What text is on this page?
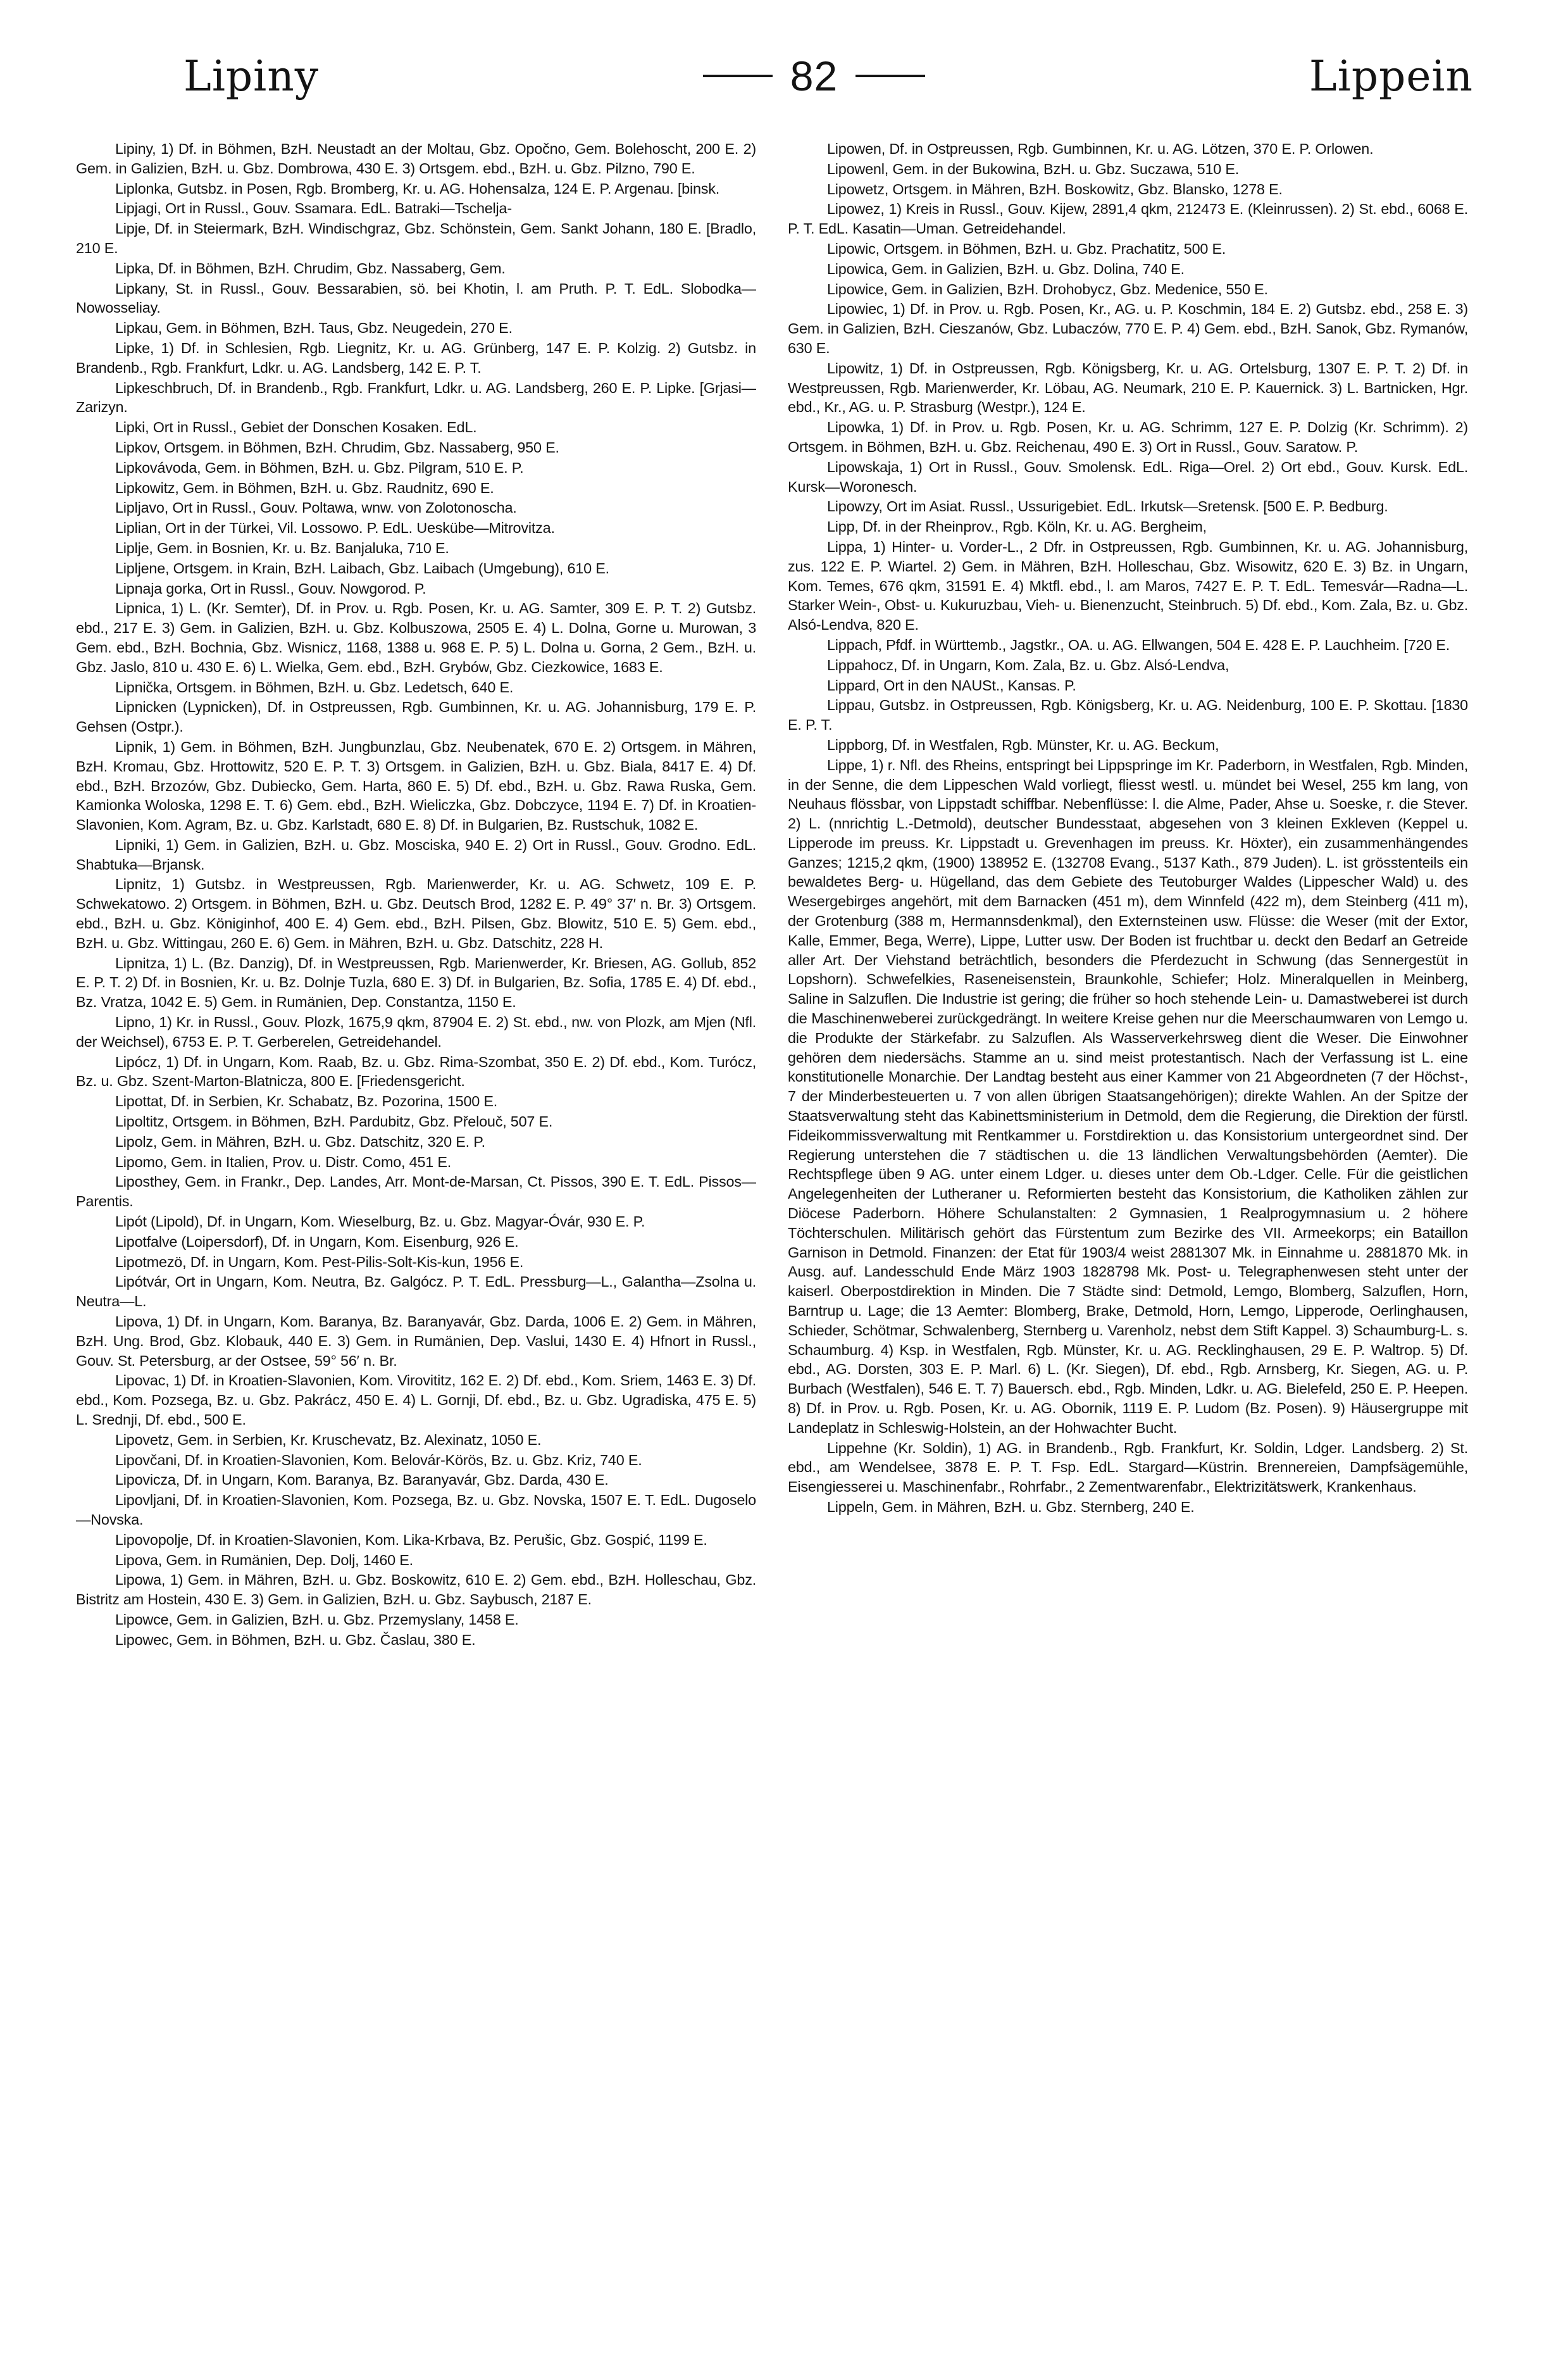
Lipiny	82	Lippein

Lipiny, 1) Df. in Böhmen, BzH. Neustadt an der Moltau, Gbz. Opočno, Gem. Bolehoscht, 200 E. 2) Gem. in Galizien, BzH. u. Gbz. Dombrowa, 430 E. 3) Ortsgem. ebd., BzH. u. Gbz. Pilzno, 790 E.

Liplonka, Gutsbz. in Posen, Rgb. Bromberg, Kr. u. AG. Hohensalza, 124 E. P. Argenau. [binsk.

Lipjagi, Ort in Russl., Gouv. Ssamara. EdL. Batraki—Tschelja-

Lipje, Df. in Steiermark, BzH. Windischgraz, Gbz. Schönstein, Gem. Sankt Johann, 180 E. [Bradlo, 210 E.

Lipka, Df. in Böhmen, BzH. Chrudim, Gbz. Nassaberg, Gem.

Lipkany, St. in Russl., Gouv. Bessarabien, sö. bei Khotin, l. am Pruth. P. T. EdL. Slobodka—Nowosseliay.

Lipkau, Gem. in Böhmen, BzH. Taus, Gbz. Neugedein, 270 E.

Lipke, 1) Df. in Schlesien, Rgb. Liegnitz, Kr. u. AG. Grünberg, 147 E. P. Kolzig. 2) Gutsbz. in Brandenb., Rgb. Frankfurt, Ldkr. u. AG. Landsberg, 142 E. P. T.

Lipkeschbruch, Df. in Brandenb., Rgb. Frankfurt, Ldkr. u. AG. Landsberg, 260 E. P. Lipke. [Grjasi—Zarizyn.

Lipki, Ort in Russl., Gebiet der Donschen Kosaken. EdL.

Lipkov, Ortsgem. in Böhmen, BzH. Chrudim, Gbz. Nassaberg, 950 E.

Lipkovávoda, Gem. in Böhmen, BzH. u. Gbz. Pilgram, 510 E. P.

Lipkowitz, Gem. in Böhmen, BzH. u. Gbz. Raudnitz, 690 E.

Lipljavo, Ort in Russl., Gouv. Poltawa, wnw. von Zolotonoscha.

Liplian, Ort in der Türkei, Vil. Lossowo. P. EdL. Ueskübe—Mitrovitza.

Liplje, Gem. in Bosnien, Kr. u. Bz. Banjaluka, 710 E.

Lipljene, Ortsgem. in Krain, BzH. Laibach, Gbz. Laibach (Umgebung), 610 E.

Lipnaja gorka, Ort in Russl., Gouv. Nowgorod. P.

Lipnica, 1) L. (Kr. Semter), Df. in Prov. u. Rgb. Posen, Kr. u. AG. Samter, 309 E. P. T. 2) Gutsbz. ebd., 217 E. 3) Gem. in Galizien, BzH. u. Gbz. Kolbuszowa, 2505 E. 4) L. Dolna, Gorne u. Murowan, 3 Gem. ebd., BzH. Bochnia, Gbz. Wisnicz, 1168, 1388 u. 968 E. P. 5) L. Dolna u. Gorna, 2 Gem., BzH. u. Gbz. Jaslo, 810 u. 430 E. 6) L. Wielka, Gem. ebd., BzH. Grybów, Gbz. Ciezkowice, 1683 E.

Lipnička, Ortsgem. in Böhmen, BzH. u. Gbz. Ledetsch, 640 E.

Lipnicken (Lypnicken), Df. in Ostpreussen, Rgb. Gumbinnen, Kr. u. AG. Johannisburg, 179 E. P. Gehsen (Ostpr.).

Lipnik, 1) Gem. in Böhmen, BzH. Jungbunzlau, Gbz. Neubenatek, 670 E. 2) Ortsgem. in Mähren, BzH. Kromau, Gbz. Hrottowitz, 520 E. P. T. 3) Ortsgem. in Galizien, BzH. u. Gbz. Biala, 8417 E. 4) Df. ebd., BzH. Brzozów, Gbz. Dubiecko, Gem. Harta, 860 E. 5) Df. ebd., BzH. u. Gbz. Rawa Ruska, Gem. Kamionka Woloska, 1298 E. T. 6) Gem. ebd., BzH. Wieliczka, Gbz. Dobczyce, 1194 E. 7) Df. in Kroatien-Slavonien, Kom. Agram, Bz. u. Gbz. Karlstadt, 680 E. 8) Df. in Bulgarien, Bz. Rustschuk, 1082 E.

Lipniki, 1) Gem. in Galizien, BzH. u. Gbz. Mosciska, 940 E. 2) Ort in Russl., Gouv. Grodno. EdL. Shabtuka—Brjansk.

Lipnitz, 1) Gutsbz. in Westpreussen, Rgb. Marienwerder, Kr. u. AG. Schwetz, 109 E. P. Schwekatowo. 2) Ortsgem. in Böhmen, BzH. u. Gbz. Deutsch Brod, 1282 E. P. 49° 37′ n. Br. 3) Ortsgem. ebd., BzH. u. Gbz. Königinhof, 400 E. 4) Gem. ebd., BzH. Pilsen, Gbz. Blowitz, 510 E. 5) Gem. ebd., BzH. u. Gbz. Wittingau, 260 E. 6) Gem. in Mähren, BzH. u. Gbz. Datschitz, 228 H.

Lipnitza, 1) L. (Bz. Danzig), Df. in Westpreussen, Rgb. Marienwerder, Kr. Briesen, AG. Gollub, 852 E. P. T. 2) Df. in Bosnien, Kr. u. Bz. Dolnje Tuzla, 680 E. 3) Df. in Bulgarien, Bz. Sofia, 1785 E. 4) Df. ebd., Bz. Vratza, 1042 E. 5) Gem. in Rumänien, Dep. Constantza, 1150 E.

Lipno, 1) Kr. in Russl., Gouv. Plozk, 1675,9 qkm, 87904 E. 2) St. ebd., nw. von Plozk, am Mjen (Nfl. der Weichsel), 6753 E. P. T. Gerberelen, Getreidehandel.

Lipócz, 1) Df. in Ungarn, Kom. Raab, Bz. u. Gbz. Rima-Szombat, 350 E. 2) Df. ebd., Kom. Turócz, Bz. u. Gbz. Szent-Marton-Blatnicza, 800 E. [Friedensgericht.

Lipottat, Df. in Serbien, Kr. Schabatz, Bz. Pozorina, 1500 E.

Lipoltitz, Ortsgem. in Böhmen, BzH. Pardubitz, Gbz. Přelouč, 507 E.

Lipolz, Gem. in Mähren, BzH. u. Gbz. Datschitz, 320 E. P.

Lipomo, Gem. in Italien, Prov. u. Distr. Como, 451 E.

Liposthey, Gem. in Frankr., Dep. Landes, Arr. Mont-de-Marsan, Ct. Pissos, 390 E. T. EdL. Pissos—Parentis.

Lipót (Lipold), Df. in Ungarn, Kom. Wieselburg, Bz. u. Gbz. Magyar-Óvár, 930 E. P.

Lipotfalve (Loipersdorf), Df. in Ungarn, Kom. Eisenburg, 926 E.

Lipotmezö, Df. in Ungarn, Kom. Pest-Pilis-Solt-Kis-kun, 1956 E.

Lipótvár, Ort in Ungarn, Kom. Neutra, Bz. Galgócz. P. T. EdL. Pressburg—L., Galantha—Zsolna u. Neutra—L.

Lipova, 1) Df. in Ungarn, Kom. Baranya, Bz. Baranyavár, Gbz. Darda, 1006 E. 2) Gem. in Mähren, BzH. Ung. Brod, Gbz. Klobauk, 440 E. 3) Gem. in Rumänien, Dep. Vaslui, 1430 E. 4) Hfnort in Russl., Gouv. St. Petersburg, ar der Ostsee, 59° 56′ n. Br.

Lipovac, 1) Df. in Kroatien-Slavonien, Kom. Virovititz, 162 E. 2) Df. ebd., Kom. Sriem, 1463 E. 3) Df. ebd., Kom. Pozsega, Bz. u. Gbz. Pakrácz, 450 E. 4) L. Gornji, Df. ebd., Bz. u. Gbz. Ugradiska, 475 E. 5) L. Srednji, Df. ebd., 500 E.

Lipovetz, Gem. in Serbien, Kr. Kruschevatz, Bz. Alexinatz, 1050 E.

Lipovčani, Df. in Kroatien-Slavonien, Kom. Belovár-Körös, Bz. u. Gbz. Kriz, 740 E.

Lipovicza, Df. in Ungarn, Kom. Baranya, Bz. Baranyavár, Gbz. Darda, 430 E.

Lipovljani, Df. in Kroatien-Slavonien, Kom. Pozsega, Bz. u. Gbz. Novska, 1507 E. T. EdL. Dugoselo—Novska.

Lipovopolje, Df. in Kroatien-Slavonien, Kom. Lika-Krbava, Bz. Perušic, Gbz. Gospić, 1199 E.

Lipova, Gem. in Rumänien, Dep. Dolj, 1460 E.

Lipowa, 1) Gem. in Mähren, BzH. u. Gbz. Boskowitz, 610 E. 2) Gem. ebd., BzH. Holleschau, Gbz. Bistritz am Hostein, 430 E. 3) Gem. in Galizien, BzH. u. Gbz. Saybusch, 2187 E.

Lipowce, Gem. in Galizien, BzH. u. Gbz. Przemyslany, 1458 E.

Lipowec, Gem. in Böhmen, BzH. u. Gbz. Časlau, 380 E.

Lipowen, Df. in Ostpreussen, Rgb. Gumbinnen, Kr. u. AG. Lötzen, 370 E. P. Orlowen.

Lipowenl, Gem. in der Bukowina, BzH. u. Gbz. Suczawa, 510 E.

Lipowetz, Ortsgem. in Mähren, BzH. Boskowitz, Gbz. Blansko, 1278 E.

Lipowez, 1) Kreis in Russl., Gouv. Kijew, 2891,4 qkm, 212473 E. (Kleinrussen). 2) St. ebd., 6068 E. P. T. EdL. Kasatin—Uman. Getreidehandel.

Lipowic, Ortsgem. in Böhmen, BzH. u. Gbz. Prachatitz, 500 E.

Lipowica, Gem. in Galizien, BzH. u. Gbz. Dolina, 740 E.

Lipowice, Gem. in Galizien, BzH. Drohobycz, Gbz. Medenice, 550 E.

Lipowiec, 1) Df. in Prov. u. Rgb. Posen, Kr., AG. u. P. Koschmin, 184 E. 2) Gutsbz. ebd., 258 E. 3) Gem. in Galizien, BzH. Cieszanów, Gbz. Lubaczów, 770 E. P. 4) Gem. ebd., BzH. Sanok, Gbz. Rymanów, 630 E.

Lipowitz, 1) Df. in Ostpreussen, Rgb. Königsberg, Kr. u. AG. Ortelsburg, 1307 E. P. T. 2) Df. in Westpreussen, Rgb. Marienwerder, Kr. Löbau, AG. Neumark, 210 E. P. Kauernick. 3) L. Bartnicken, Hgr. ebd., Kr., AG. u. P. Strasburg (Westpr.), 124 E.

Lipowka, 1) Df. in Prov. u. Rgb. Posen, Kr. u. AG. Schrimm, 127 E. P. Dolzig (Kr. Schrimm). 2) Ortsgem. in Böhmen, BzH. u. Gbz. Reichenau, 490 E. 3) Ort in Russl., Gouv. Saratow. P.

Lipowskaja, 1) Ort in Russl., Gouv. Smolensk. EdL. Riga—Orel. 2) Ort ebd., Gouv. Kursk. EdL. Kursk—Woronesch.

Lipowzy, Ort im Asiat. Russl., Ussurigebiet. EdL. Irkutsk—Sretensk. [500 E. P. Bedburg.

Lipp, Df. in der Rheinprov., Rgb. Köln, Kr. u. AG. Bergheim,

Lippa, 1) Hinter- u. Vorder-L., 2 Dfr. in Ostpreussen, Rgb. Gumbinnen, Kr. u. AG. Johannisburg, zus. 122 E. P. Wiartel. 2) Gem. in Mähren, BzH. Holleschau, Gbz. Wisowitz, 620 E. 3) Bz. in Ungarn, Kom. Temes, 676 qkm, 31591 E. 4) Mktfl. ebd., l. am Maros, 7427 E. P. T. EdL. Temesvár—Radna—L. Starker Wein-, Obst- u. Kukuruzbau, Vieh- u. Bienenzucht, Steinbruch. 5) Df. ebd., Kom. Zala, Bz. u. Gbz. Alsó-Lendva, 820 E.

Lippach, Pfdf. in Württemb., Jagstkr., OA. u. AG. Ellwangen, 504 E. 428 E. P. Lauchheim. [720 E.

Lippahocz, Df. in Ungarn, Kom. Zala, Bz. u. Gbz. Alsó-Lendva,

Lippard, Ort in den NAUSt., Kansas. P.

Lippau, Gutsbz. in Ostpreussen, Rgb. Königsberg, Kr. u. AG. Neidenburg, 100 E. P. Skottau. [1830 E. P. T.

Lippborg, Df. in Westfalen, Rgb. Münster, Kr. u. AG. Beckum,

Lippe, 1) r. Nfl. des Rheins, entspringt bei Lippspringe im Kr. Paderborn, in Westfalen, Rgb. Minden, in der Senne, die dem Lippeschen Wald vorliegt, fliesst westl. u. mündet bei Wesel, 255 km lang, von Neuhaus flössbar, von Lippstadt schiffbar. Nebenflüsse: l. die Alme, Pader, Ahse u. Soeske, r. die Stever. 2) L. (nnrichtig L.-Detmold), deutscher Bundesstaat, abgesehen von 3 kleinen Exkleven (Keppel u. Lipperode im preuss. Kr. Lippstadt u. Grevenhagen im preuss. Kr. Höxter), ein zusammenhängendes Ganzes; 1215,2 qkm, (1900) 138952 E. (132708 Evang., 5137 Kath., 879 Juden). L. ist grösstenteils ein bewaldetes Berg- u. Hügelland, das dem Gebiete des Teutoburger Waldes (Lippescher Wald) u. des Wesergebirges angehört, mit dem Barnacken (451 m), dem Winnfeld (422 m), dem Steinberg (411 m), der Grotenburg (388 m, Hermannsdenkmal), den Externsteinen usw. Flüsse: die Weser (mit der Extor, Kalle, Emmer, Bega, Werre), Lippe, Lutter usw. Der Boden ist fruchtbar u. deckt den Bedarf an Getreide aller Art. Der Viehstand beträchtlich, besonders die Pferdezucht in Schwung (das Sennergestüt in Lopshorn). Schwefelkies, Raseneisenstein, Braunkohle, Schiefer; Holz. Mineralquellen in Meinberg, Saline in Salzuflen. Die Industrie ist gering; die früher so hoch stehende Lein- u. Damastweberei ist durch die Maschinenweberei zurückgedrängt. In weitere Kreise gehen nur die Meerschaumwaren von Lemgo u. die Produkte der Stärkefabr. zu Salzuflen. Als Wasserverkehrsweg dient die Weser. Die Einwohner gehören dem niedersächs. Stamme an u. sind meist protestantisch. Nach der Verfassung ist L. eine konstitutionelle Monarchie. Der Landtag besteht aus einer Kammer von 21 Abgeordneten (7 der Höchst-, 7 der Minderbesteuerten u. 7 von allen übrigen Staatsangehörigen); direkte Wahlen. An der Spitze der Staatsverwaltung steht das Kabinettsministerium in Detmold, dem die Regierung, die Direktion der fürstl. Fideikommissverwaltung mit Rentkammer u. Forstdirektion u. das Konsistorium untergeordnet sind. Der Regierung unterstehen die 7 städtischen u. die 13 ländlichen Verwaltungsbehörden (Aemter). Die Rechtspflege üben 9 AG. unter einem Ldger. u. dieses unter dem Ob.-Ldger. Celle. Für die geistlichen Angelegenheiten der Lutheraner u. Reformierten besteht das Konsistorium, die Katholiken zählen zur Diöcese Paderborn. Höhere Schulanstalten: 2 Gymnasien, 1 Realprogymnasium u. 2 höhere Töchterschulen. Militärisch gehört das Fürstentum zum Bezirke des VII. Armeekorps; ein Bataillon Garnison in Detmold. Finanzen: der Etat für 1903/4 weist 2881307 Mk. in Einnahme u. 2881870 Mk. in Ausg. auf. Landesschuld Ende März 1903 1828798 Mk. Post- u. Telegraphenwesen steht unter der kaiserl. Oberpostdirektion in Minden. Die 7 Städte sind: Detmold, Lemgo, Blomberg, Salzuflen, Horn, Barntrup u. Lage; die 13 Aemter: Blomberg, Brake, Detmold, Horn, Lemgo, Lipperode, Oerlinghausen, Schieder, Schötmar, Schwalenberg, Sternberg u. Varenholz, nebst dem Stift Kappel. 3) Schaumburg-L. s. Schaumburg. 4) Ksp. in Westfalen, Rgb. Münster, Kr. u. AG. Recklinghausen, 29 E. P. Waltrop. 5) Df. ebd., AG. Dorsten, 303 E. P. Marl. 6) L. (Kr. Siegen), Df. ebd., Rgb. Arnsberg, Kr. Siegen, AG. u. P. Burbach (Westfalen), 546 E. T. 7) Bauersch. ebd., Rgb. Minden, Ldkr. u. AG. Bielefeld, 250 E. P. Heepen. 8) Df. in Prov. u. Rgb. Posen, Kr. u. AG. Obornik, 1119 E. P. Ludom (Bz. Posen). 9) Häusergruppe mit Landeplatz in Schleswig-Holstein, an der Hohwachter Bucht.

Lippehne (Kr. Soldin), 1) AG. in Brandenb., Rgb. Frankfurt, Kr. Soldin, Ldger. Landsberg. 2) St. ebd., am Wendelsee, 3878 E. P. T. Fsp. EdL. Stargard—Küstrin. Brennereien, Dampfsägemühle, Eisengiesserei u. Maschinenfabr., Rohrfabr., 2 Zementwarenfabr., Elektrizitätswerk, Krankenhaus.

Lippeln, Gem. in Mähren, BzH. u. Gbz. Sternberg, 240 E.
